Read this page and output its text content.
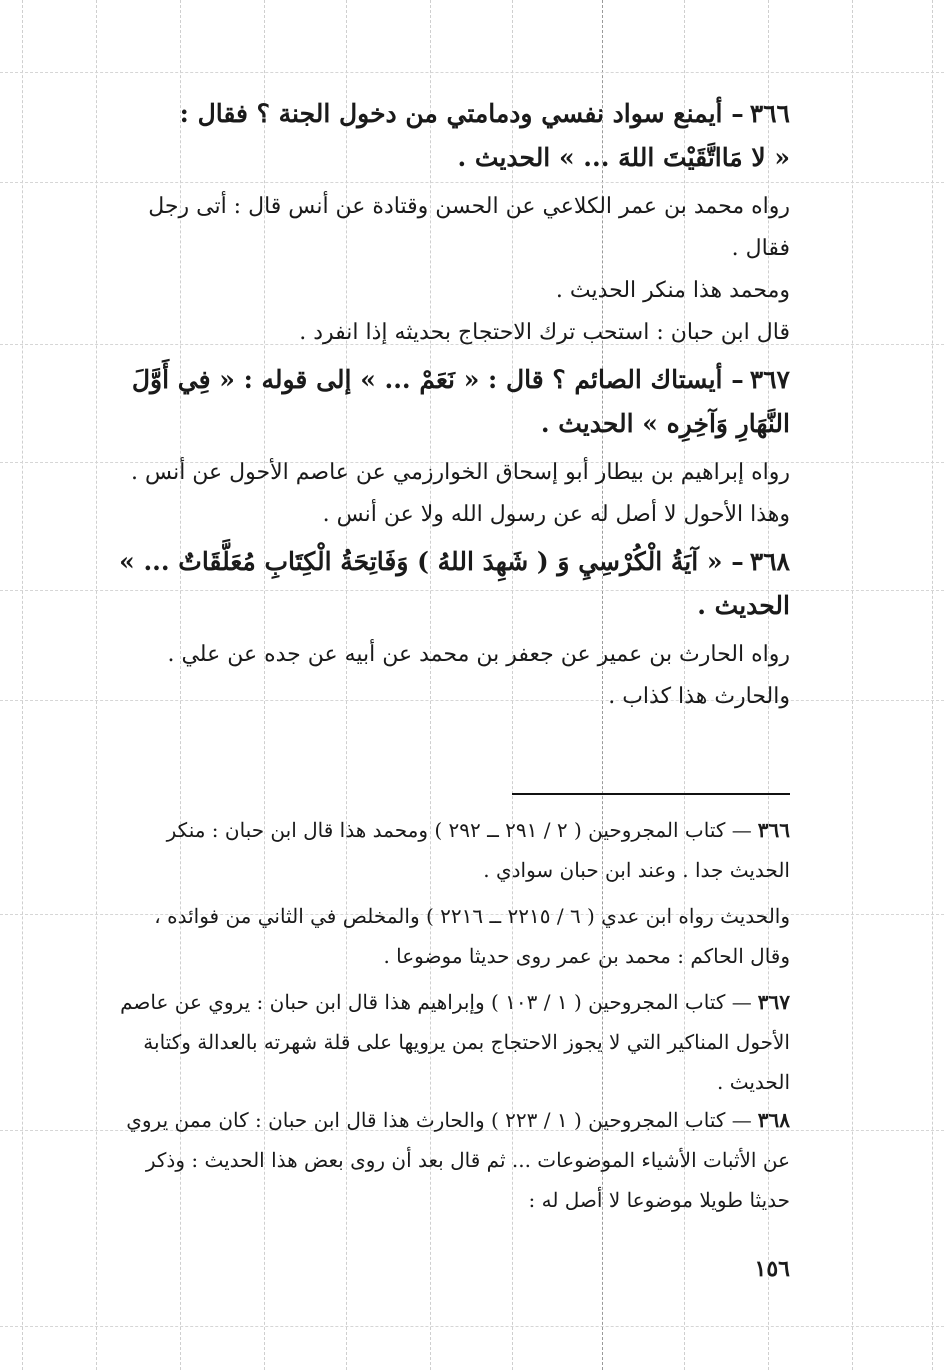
٣٦٦– أيمنع سواد نفسي ودمامتي من دخول الجنة ؟ فقال :

« لا مَااتَّقَيْتَ اللهَ ... » الحديث .

رواه محمد بن عمر الكلاعي عن الحسن وقتادة عن أنس قال : أتى رجل فقال .

ومحمد هذا منكر الحديث .

قال ابن حبان : استحب ترك الاحتجاج بحديثه إذا انفرد .

٣٦٧– أيستاك الصائم ؟ قال : « نَعَمْ ... » إلى قوله : « فِي أَوَّلَ النَّهَارِ وَآخِرِه » الحديث .

رواه إبراهيم بن بيطار أبو إسحاق الخوارزمي عن عاصم الأحول عن أنس .

وهذا الأحول لا أصل له عن رسول الله ولا عن أنس .

٣٦٨– « آيَةُ الْكُرْسِيِ وَ ( شَهِدَ اللهُ ) وَفَاتِحَةُ الْكِتَابِ مُعَلَّقَاتٌ ... » الحديث .

رواه الحارث بن عمير عن جعفر بن محمد عن أبيه عن جده عن علي .

والحارث هذا كذاب .

٣٦٦— كتاب المجروحين ( ٢ / ٢٩١ ــ ٢٩٢ ) ومحمد هذا قال ابن حبان : منكر الحديث جدا . وعند ابن حبان سوادي .

والحديث رواه ابن عدي ( ٦ / ٢٢١٥ ــ ٢٢١٦ ) والمخلص في الثاني من فوائده ، وقال الحاكم : محمد بن عمر روى حديثا موضوعا .

٣٦٧— كتاب المجروحين ( ١ / ١٠٣ ) وإبراهيم هذا قال ابن حبان : يروي عن عاصم الأحول المناكير التي لا يجوز الاحتجاج بمن يرويها على قلة شهرته بالعدالة وكتابة الحديث .

٣٦٨— كتاب المجروحين ( ١ / ٢٢٣ ) والحارث هذا قال ابن حبان : كان ممن يروي عن الأثبات الأشياء الموضوعات ... ثم قال بعد أن روى بعض هذا الحديث : وذكر حديثا طويلا موضوعا لا أصل له :

١٥٦
